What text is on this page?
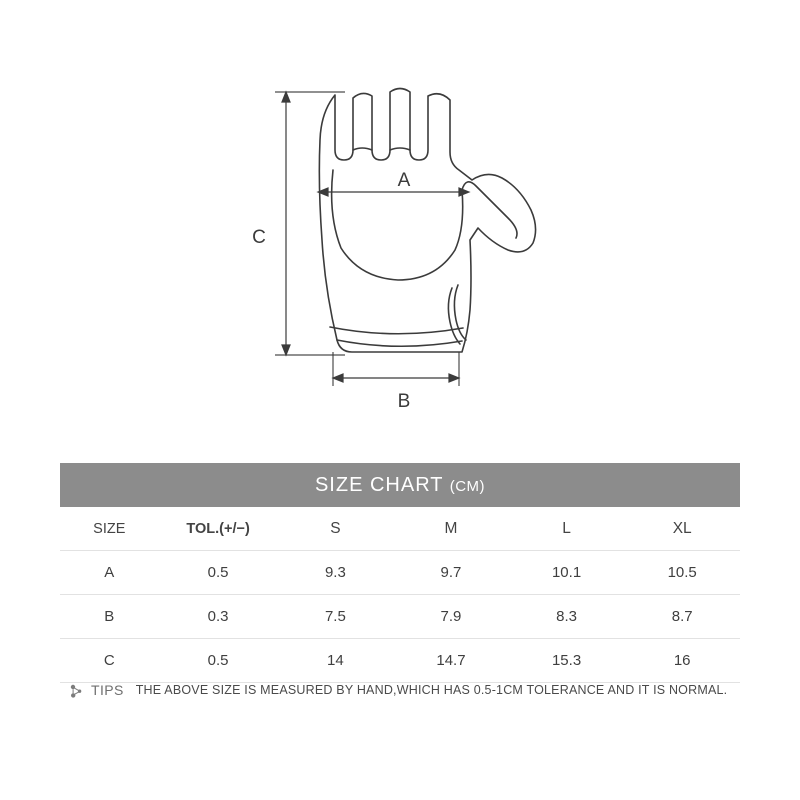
A
B
C
SIZE CHART (CM)
SIZE	TOL.(+/−)	S	M	L	XL
A	0.5	9.3	9.7	10.1	10.5
B	0.3	7.5	7.9	8.3	8.7
C	0.5	14	14.7	15.3	16
TIPS THE ABOVE SIZE IS MEASURED BY HAND,WHICH HAS 0.5-1CM TOLERANCE AND IT IS NORMAL.
